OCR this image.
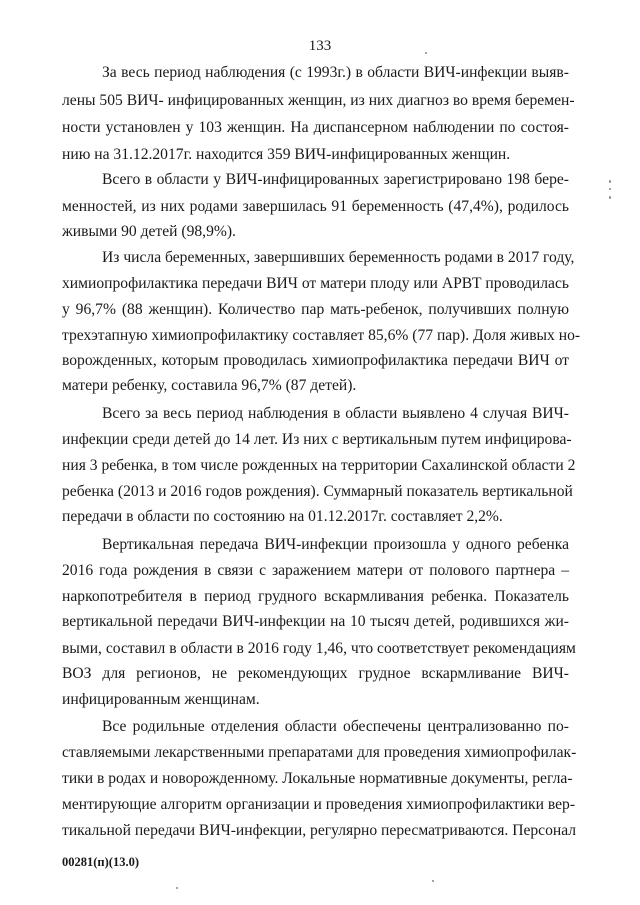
133
За весь период наблюдения (с 1993г.) в области ВИЧ-инфекции выяв-
лены 505 ВИЧ- инфицированных женщин, из них диагноз во время беремен-
ности установлен у 103 женщин. На диспансерном наблюдении по состоя-
нию на 31.12.2017г. находится 359 ВИЧ-инфицированных женщин.
Всего в области у ВИЧ-инфицированных зарегистрировано 198 бере-
менностей, из них родами завершилась 91 беременность (47,4%), родилось
живыми 90 детей (98,9%).
Из числа беременных, завершивших беременность родами в 2017 году,
химиопрофилактика передачи ВИЧ от матери плоду или АРВТ проводилась
у 96,7% (88 женщин). Количество пар мать-ребенок, получивших полную
трехэтапную химиопрофилактику составляет 85,6% (77 пар). Доля живых но-
ворожденных, которым проводилась химиопрофилактика передачи ВИЧ от
матери ребенку, составила 96,7% (87 детей).
Всего за весь период наблюдения в области выявлено 4 случая ВИЧ-
инфекции среди детей до 14 лет. Из них с вертикальным путем инфицирова-
ния 3 ребенка, в том числе рожденных на территории Сахалинской области 2
ребенка (2013 и 2016 годов рождения). Суммарный показатель вертикальной
передачи в области по состоянию на 01.12.2017г. составляет 2,2%.
Вертикальная передача ВИЧ-инфекции произошла у одного ребенка
2016 года рождения в связи с заражением матери от полового партнера –
наркопотребителя в период грудного вскармливания ребенка. Показатель
вертикальной передачи ВИЧ-инфекции на 10 тысяч детей, родившихся жи-
выми, составил в области в 2016 году 1,46, что соответствует рекомендациям
ВОЗ для регионов, не рекомендующих грудное вскармливание ВИЧ-
инфицированным женщинам.
Все родильные отделения области обеспечены централизованно по-
ставляемыми лекарственными препаратами для проведения химиопрофилак-
тики в родах и новорожденному. Локальные нормативные документы, регла-
ментирующие алгоритм организации и проведения химиопрофилактики вер-
тикальной передачи ВИЧ-инфекции, регулярно пересматриваются. Персонал
00281(п)(13.0)
